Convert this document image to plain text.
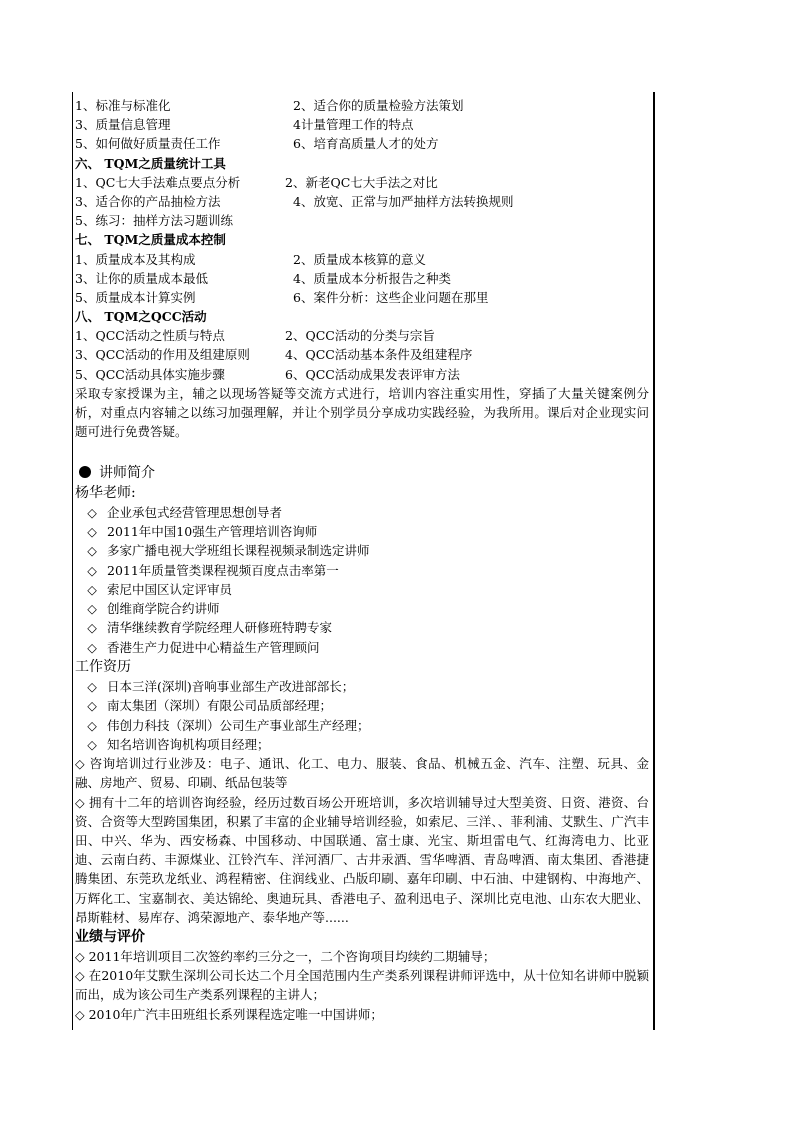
1、标准与标准化	2、适合你的质量检验方法策划
3、质量信息管理	4计量管理工作的特点
5、如何做好质量责任工作	6、培育高质量人才的处方
六、 TQM之质量统计工具
1、QC七大手法难点要点分析	2、新老QC七大手法之对比
3、适合你的产品抽检方法	4、放宽、正常与加严抽样方法转换规则
5、练习：抽样方法习题训练
七、 TQM之质量成本控制
1、质量成本及其构成	2、质量成本核算的意义
3、让你的质量成本最低	4、质量成本分析报告之种类
5、质量成本计算实例	6、案件分析：这些企业问题在那里
八、 TQM之QCC活动
1、QCC活动之性质与特点	2、QCC活动的分类与宗旨
3、QCC活动的作用及组建原则	4、QCC活动基本条件及组建程序
5、QCC活动具体实施步骤	6、QCC活动成果发表评审方法
采取专家授课为主，辅之以现场答疑等交流方式进行，培训内容注重实用性，穿插了大量关键案例分析，对重点内容辅之以练习加强理解，并让个别学员分享成功实践经验，为我所用。课后对企业现实问题可进行免费答疑。
讲师简介
杨华老师:
◇ 企业承包式经营管理思想创导者
◇ 2011年中国10强生产管理培训咨询师
◇ 多家广播电视大学班组长课程视频录制选定讲师
◇ 2011年质量管类课程视频百度点击率第一
◇ 索尼中国区认定评审员
◇ 创维商学院合约讲师
◇ 清华继续教育学院经理人研修班特聘专家
◇ 香港生产力促进中心精益生产管理顾问
工作资历
◇ 日本三洋(深圳)音响事业部生产改进部部长；
◇ 南太集团（深圳）有限公司品质部经理；
◇ 伟创力科技（深圳）公司生产事业部生产经理；
◇ 知名培训咨询机构项目经理；
◇ 咨询培训过行业涉及：电子、通讯、化工、电力、服装、食品、机械五金、汽车、注塑、玩具、金融、房地产、贸易、印刷、纸品包装等
◇ 拥有十二年的培训咨询经验，经历过数百场公开班培训，多次培训辅导过大型美资、日资、港资、台资、合资等大型跨国集团，积累了丰富的企业辅导培训经验，如索尼、三洋、、菲利浦、艾默生、广汽丰田、中兴、华为、西安杨森、中国移动、中国联通、富士康、光宝、斯坦雷电气、红海湾电力、比亚迪、云南白药、丰源煤业、江铃汽车、洋河酒厂、古井汞酒、雪华啤酒、青岛啤酒、南太集团、香港捷腾集团、东莞玖龙纸业、鸿程精密、住润线业、凸版印刷、嘉年印刷、中石油、中建钢构、中海地产、万辉化工、宝嘉制衣、美达锦纶、奥迪玩具、香港电子、盈利迅电子、深圳比克电池、山东农大肥业、昂斯鞋材、易库存、鸿荣源地产、泰华地产等......
业绩与评价
◇ 2011年培训项目二次签约率约三分之一，二个咨询项目均续约二期辅导；
◇ 在2010年艾默生深圳公司长达二个月全国范围内生产类系列课程讲师评选中，从十位知名讲师中脱颖而出，成为该公司生产类系列课程的主讲人；
◇ 2010年广汽丰田班组长系列课程选定唯一中国讲师；
